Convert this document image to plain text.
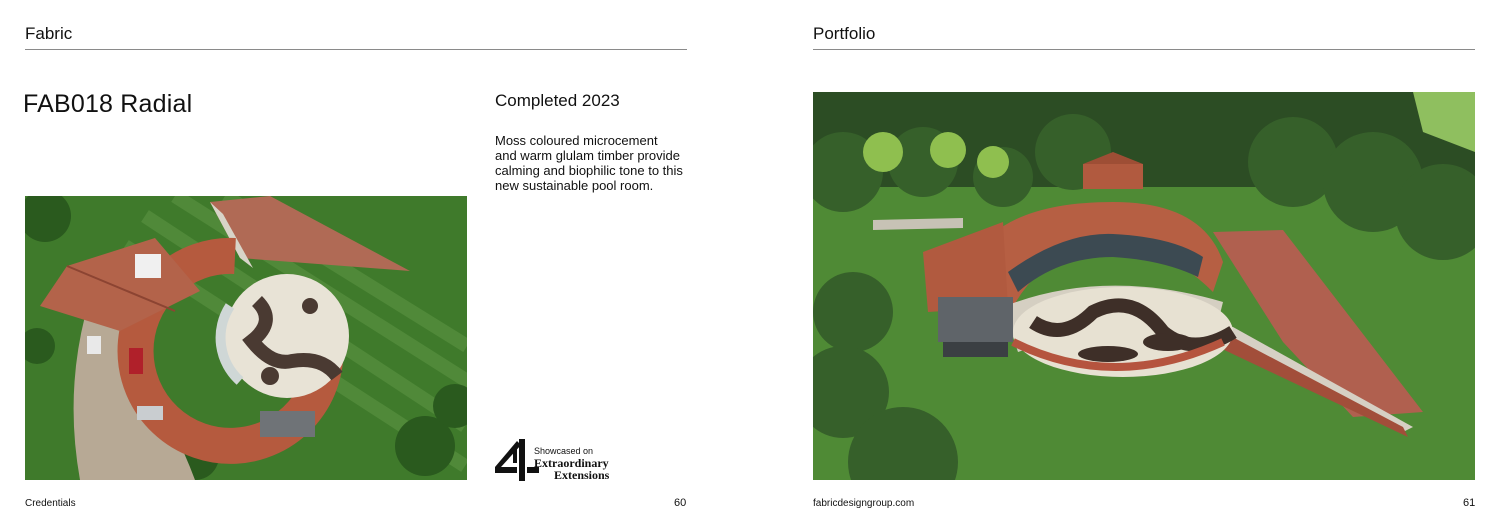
Fabric
FAB018 Radial	Completed 2023
Moss coloured microcement
and warm glulam timber provide
calming and biophilic tone to this
new sustainable pool room.
Showcased on
Extraordinary
Extensions
Credentials	60
Portfolio
fabricdesigngroup.com	61
